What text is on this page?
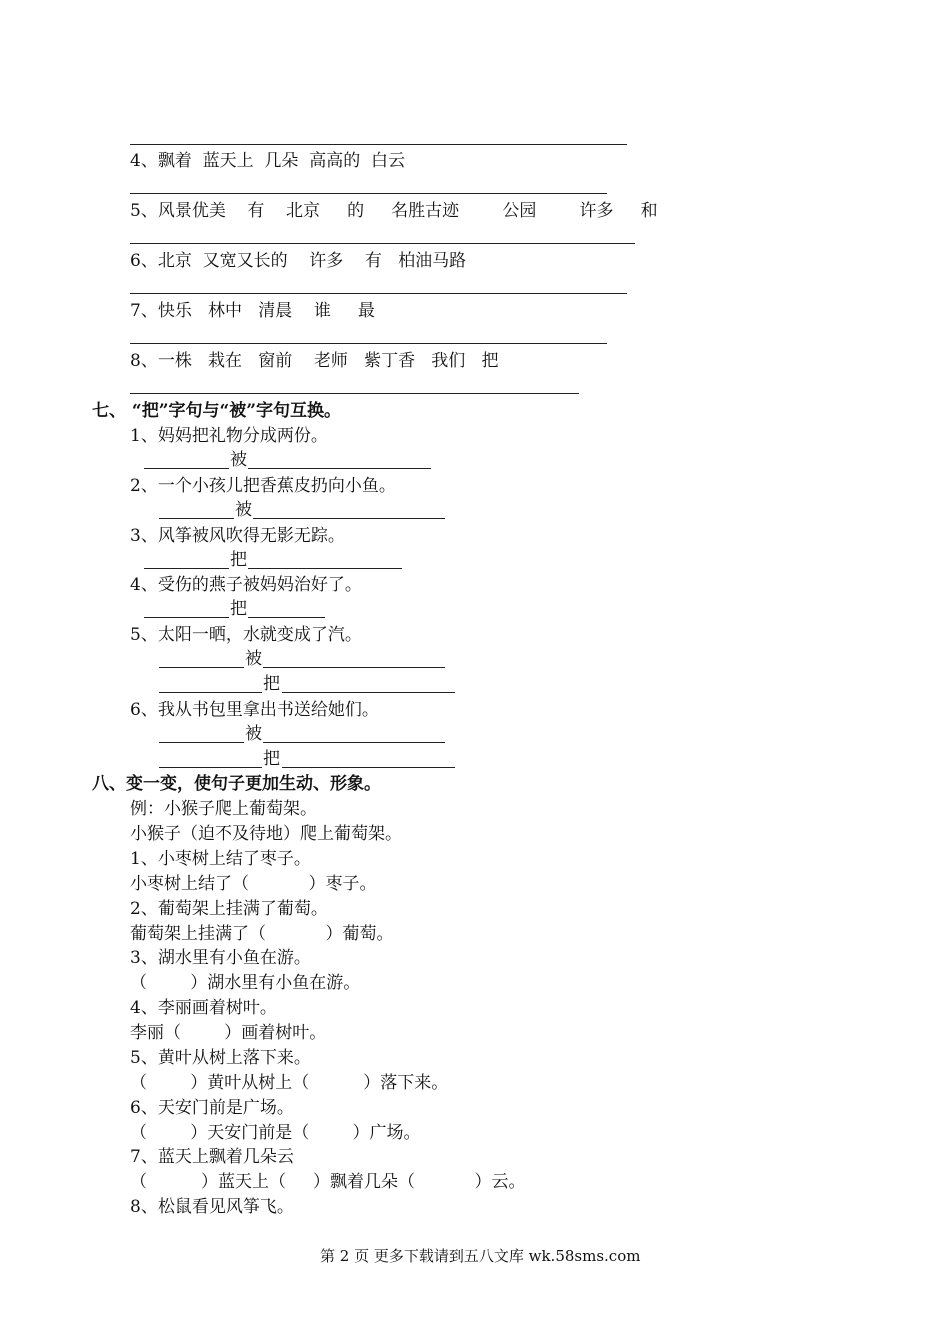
4、飘着  蓝天上  几朵  高高的  白云
5、风景优美    有    北京     的     名胜古迹        公园        许多     和
6、北京  又宽又长的    许多    有   柏油马路
7、快乐   林中   清晨    谁     最
8、一株   栽在   窗前    老师   紫丁香   我们   把
七、 “把”字句与“被”字句互换。
1、妈妈把礼物分成两份。
被
2、一个小孩儿把香蕉皮扔向小鱼。
被
3、风筝被风吹得无影无踪。
把
4、受伤的燕子被妈妈治好了。
把
5、太阳一晒，水就变成了汽。
被
把
6、我从书包里拿出书送给她们。
被
把
八、变一变，使句子更加生动、形象。
例：小猴子爬上葡萄架。
小猴子（迫不及待地）爬上葡萄架。
1、小枣树上结了枣子。
小枣树上结了（           ）枣子。
2、葡萄架上挂满了葡萄。
葡萄架上挂满了（           ）葡萄。
3、湖水里有小鱼在游。
（        ）湖水里有小鱼在游。
4、李丽画着树叶。
李丽（        ）画着树叶。
5、黄叶从树上落下来。
（        ）黄叶从树上（          ）落下来。
6、天安门前是广场。
（        ）天安门前是（        ）广场。
7、蓝天上飘着几朵云
（          ）蓝天上（     ）飘着几朵（           ）云。
8、松鼠看见风筝飞。
第 2 页 更多下载请到五八文库 wk.58sms.com
